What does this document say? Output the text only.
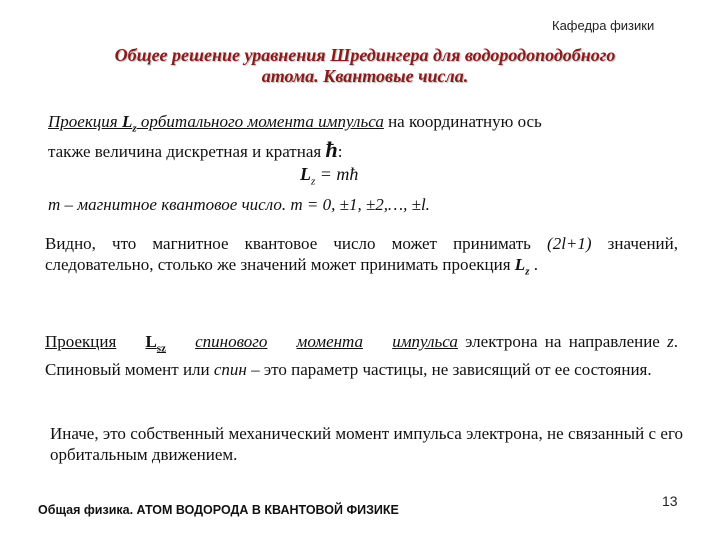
Кафедра физики
Общее решение уравнения Шредингера для водородоподобного
атома. Квантовые числа.
Проекция $L_z$ орбитального момента импульса на координатную ось
также величина дискретная и кратная ħ:
$L_z$ = mħ
m – магнитное квантовое число. m = 0, ±1, ±2,…, ±l.
Видно, что магнитное квантовое число может принимать (2l+1) значений, следовательно, столько же значений может принимать проекция $L_z$ .
Проекция $L_{sz}$ спинового момента импульса электрона на направление z. Спиновый момент или спин – это параметр частицы, не зависящий от ее состояния.
Иначе, это собственный механический момент импульса электрона, не связанный с его орбитальным движением.
Общая физика. АТОМ ВОДОРОДА В КВАНТОВОЙ ФИЗИКЕ
13
